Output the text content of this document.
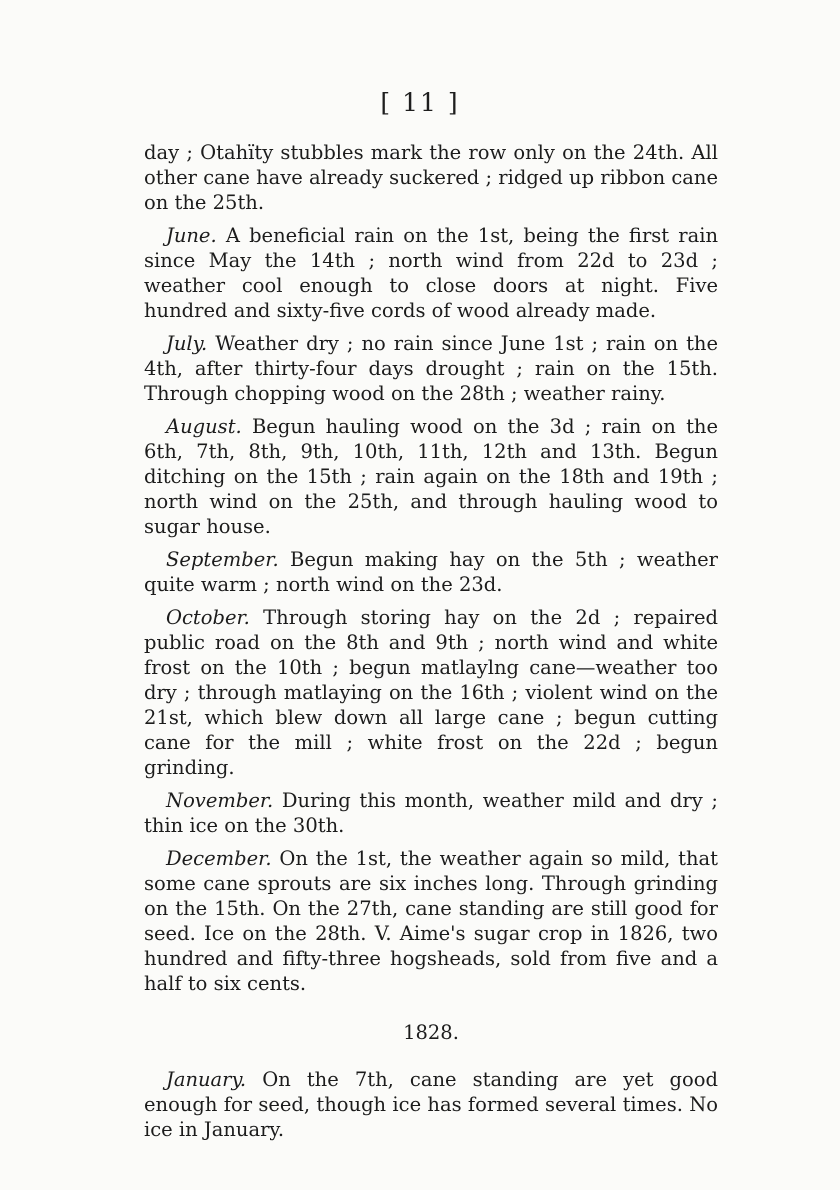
[ 11 ]

day ; Otahïty stubbles mark the row only on the 24th. All other cane have already suckered ; ridged up ribbon cane on the 25th.

June. A beneficial rain on the 1st, being the first rain since May the 14th ; north wind from 22d to 23d ; weather cool enough to close doors at night. Five hundred and sixty-five cords of wood already made.

July. Weather dry ; no rain since June 1st ; rain on the 4th, after thirty-four days drought ; rain on the 15th. Through chopping wood on the 28th ; weather rainy.

August. Begun hauling wood on the 3d ; rain on the 6th, 7th, 8th, 9th, 10th, 11th, 12th and 13th. Begun ditching on the 15th ; rain again on the 18th and 19th ; north wind on the 25th, and through hauling wood to sugar house.

September. Begun making hay on the 5th ; weather quite warm ; north wind on the 23d.

October. Through storing hay on the 2d ; repaired public road on the 8th and 9th ; north wind and white frost on the 10th ; begun matlaylng cane—weather too dry ; through matlaying on the 16th ; violent wind on the 21st, which blew down all large cane ; begun cutting cane for the mill ; white frost on the 22d ; begun grinding.

November. During this month, weather mild and dry ; thin ice on the 30th.

December. On the 1st, the weather again so mild, that some cane sprouts are six inches long. Through grinding on the 15th. On the 27th, cane standing are still good for seed. Ice on the 28th. V. Aime's sugar crop in 1826, two hundred and fifty-three hogsheads, sold from five and a half to six cents.

1828.

January. On the 7th, cane standing are yet good enough for seed, though ice has formed several times. No ice in January.
